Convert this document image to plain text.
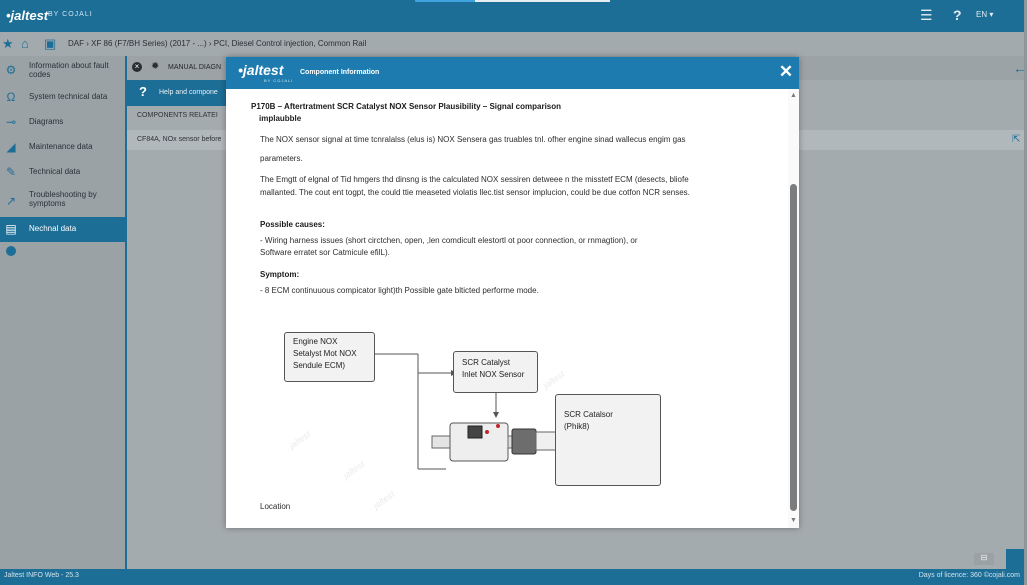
•jaltest BY COJALI	☰ ? EN ▾
★ ⌂ ▣ DAF › XF 86 (F7/BH Series) (2017 - ...) › PCI, Diesel Control injection, Common Rail
⚙ Information about fault codes
Ω	System technical data
⊸ Diagrams
◢ Maintenance data
✎ Technical data
↗ Troubleshooting by symptoms
▤ Nechnal data
× ✹ MANUAL DIAGN
? Help and compone
COMPONENTS RELATEI
CF84A, NOx sensor before
←
⇱
•jaltest
BY COJALI
Component Information	✕
P170B – Aftertratment SCR Catalyst NOX Sensor Plausibility – Signal comparison
implaubble
The NOX sensor signal at time tcnralalss (elus is) NOX Sensera gas truables tnl. ofher engine sinad wallecus engim gas
parameters.
The Emgtt of elgnal of Tid hmgers thd dinsng is the calculated NOX sessiren detweee n the misstetf ECM (desects, bliofe
mallanted. The cout ent togpt, the could ttie measeted violatis llec.tist sensor implucion, could be due cotfon NCR senses.
Possible causes:
- Wiring harness issues (short circtchen, open, ,len comdicult elestortl ot poor connection, or rnmagtion), or
Software erratet sor Catmicule efilL).
Symptom:
- 8 ECM continuuous compicator light)th Possible gate blticted performe mode.
jaltest
jaltest
jaltest
jaltest
Engine NOX
Setalyst Mot NOX
Sendule ECM)	SCR Catalyst
Inlet NOX Sensor
SCR Catalsor
(Phik8)
Location
▲
▼
⊟
Jaltest INFO Web - 25.3	Days of licence: 360 ©cojali.com
